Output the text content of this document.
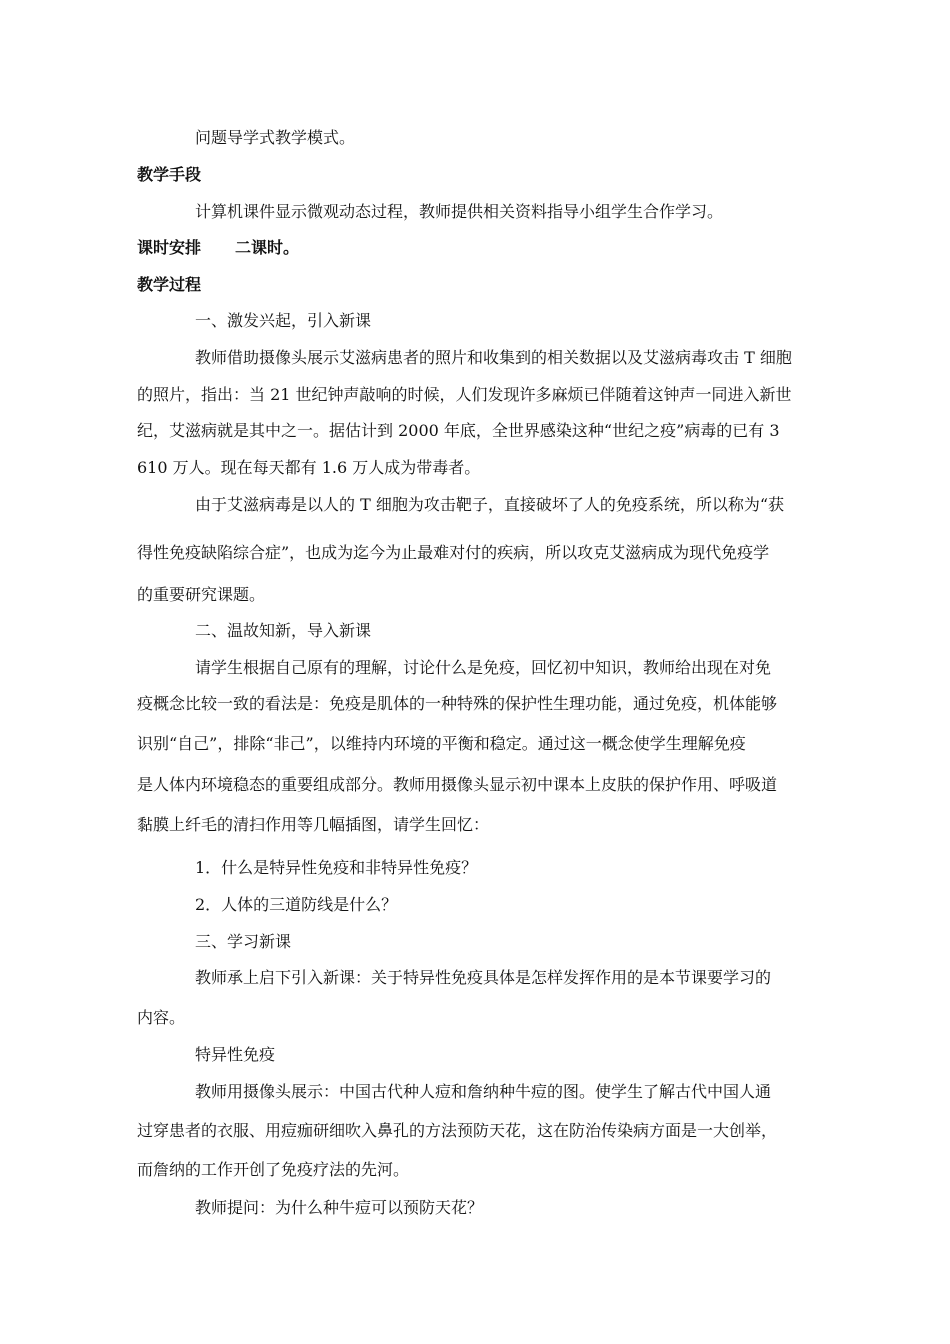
问题导学式教学模式。
教学手段
计算机课件显示微观动态过程，教师提供相关资料指导小组学生合作学习。
课时安排 二课时。
教学过程
一、激发兴起，引入新课
教师借助摄像头展示艾滋病患者的照片和收集到的相关数据以及艾滋病毒攻击 T 细胞
的照片，指出：当 21 世纪钟声敲响的时候，人们发现许多麻烦已伴随着这钟声一同进入新世
纪，艾滋病就是其中之一。据估计到 2000 年底，全世界感染这种“世纪之疫”病毒的已有 3
610 万人。现在每天都有 1.6 万人成为带毒者。
由于艾滋病毒是以人的 T 细胞为攻击靶子，直接破坏了人的免疫系统，所以称为“获
得性免疫缺陷综合症”，也成为迄今为止最难对付的疾病，所以攻克艾滋病成为现代免疫学
的重要研究课题。
二、温故知新，导入新课
请学生根据自己原有的理解，讨论什么是免疫，回忆初中知识，教师给出现在对免
疫概念比较一致的看法是：免疫是肌体的一种特殊的保护性生理功能，通过免疫，机体能够
识别“自己”，排除“非己”，以维持内环境的平衡和稳定。通过这一概念使学生理解免疫
是人体内环境稳态的重要组成部分。教师用摄像头显示初中课本上皮肤的保护作用、呼吸道
黏膜上纤毛的清扫作用等几幅插图，请学生回忆：
1．什么是特异性免疫和非特异性免疫？
2．人体的三道防线是什么？
三、学习新课
教师承上启下引入新课：关于特异性免疫具体是怎样发挥作用的是本节课要学习的
内容。
特异性免疫
教师用摄像头展示：中国古代种人痘和詹纳种牛痘的图。使学生了解古代中国人通
过穿患者的衣服、用痘痂研细吹入鼻孔的方法预防天花，这在防治传染病方面是一大创举，
而詹纳的工作开创了免疫疗法的先河。
教师提问：为什么种牛痘可以预防天花？
